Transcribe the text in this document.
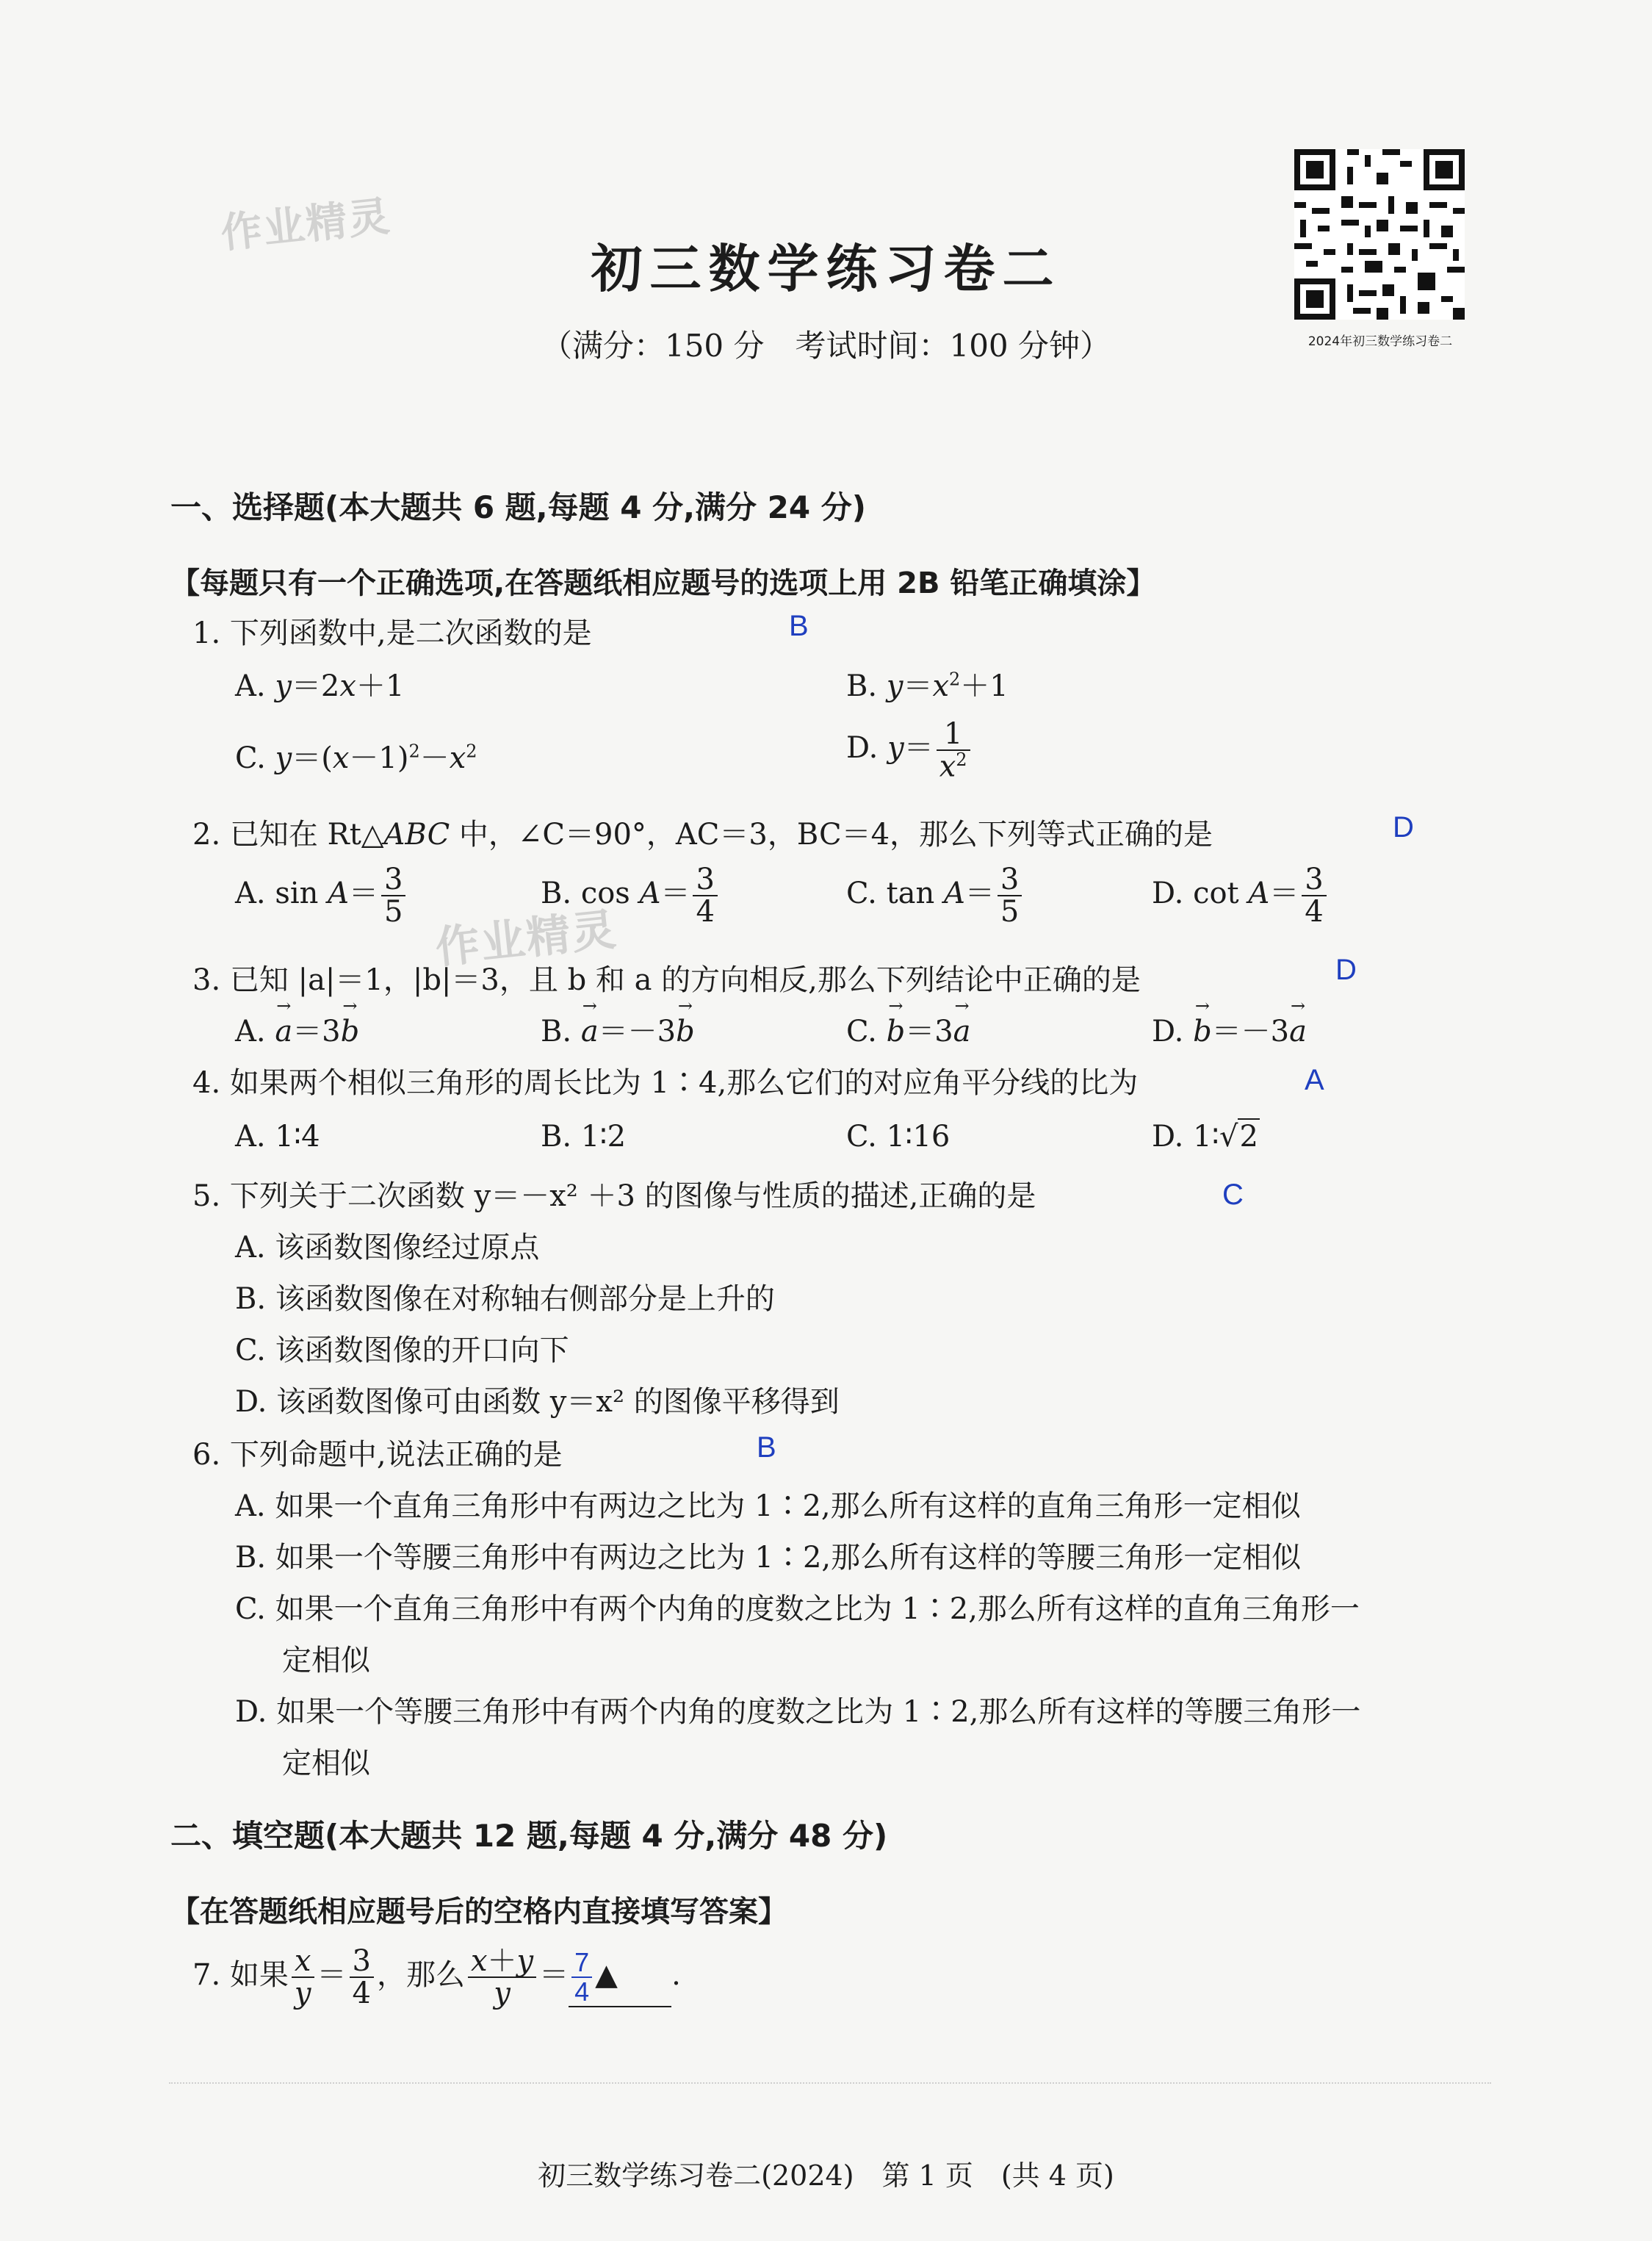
作业精灵
作业精灵
初三数学练习卷二
（满分：150 分　考试时间：100 分钟）	2024年初三数学练习卷二
一、选择题(本大题共 6 题,每题 4 分,满分 24 分)
【每题只有一个正确选项,在答题纸相应题号的选项上用 2B 铅笔正确填涂】
1. 下列函数中,是二次函数的是	B
A. y＝2x＋1	B. $y=x^2+1$
C. $y=(x-1)^2-x^2$	D. $y= \frac{1}{x^2}$
2. 已知在 Rt△ABC 中，∠C＝90°，AC＝3，BC＝4，那么下列等式正确的是	D
A. $\sin A= \frac{3}{5}$	B. $\cos A= \frac{3}{4}$	C. $\tan A= \frac{3}{5}$	D. $\cot A= \frac{3}{4}$
3. 已知 |a|＝1，|b|＝3，且 b 和 a 的方向相反,那么下列结论中正确的是	D
A. → a＝3→ b	B. → a＝－3→ b	C. → b＝3→ a	D. → b＝－3→ a
4. 如果两个相似三角形的周长比为 1∶4,那么它们的对应角平分线的比为	A
A. 1∶4	B. 1∶2	C. 1∶16	D. 1∶√2
5. 下列关于二次函数 y＝－x² ＋3 的图像与性质的描述,正确的是	C
A. 该函数图像经过原点
B. 该函数图像在对称轴右侧部分是上升的
C. 该函数图像的开口向下
D. 该函数图像可由函数 y＝x² 的图像平移得到
6. 下列命题中,说法正确的是	B
A. 如果一个直角三角形中有两边之比为 1∶2,那么所有这样的直角三角形一定相似
B. 如果一个等腰三角形中有两边之比为 1∶2,那么所有这样的等腰三角形一定相似
C. 如果一个直角三角形中有两个内角的度数之比为 1∶2,那么所有这样的直角三角形一
定相似
D. 如果一个等腰三角形中有两个内角的度数之比为 1∶2,那么所有这样的等腰三角形一
定相似
二、填空题(本大题共 12 题,每题 4 分,满分 48 分)
【在答题纸相应题号后的空格内直接填写答案】
7. 如果 $\frac{x}{y} = \frac{3}{4}$ ，那么 $\frac{x+y}{y} = \frac{7}{4}$ ▲ .
初三数学练习卷二(2024)　第 1 页　(共 4 页)
